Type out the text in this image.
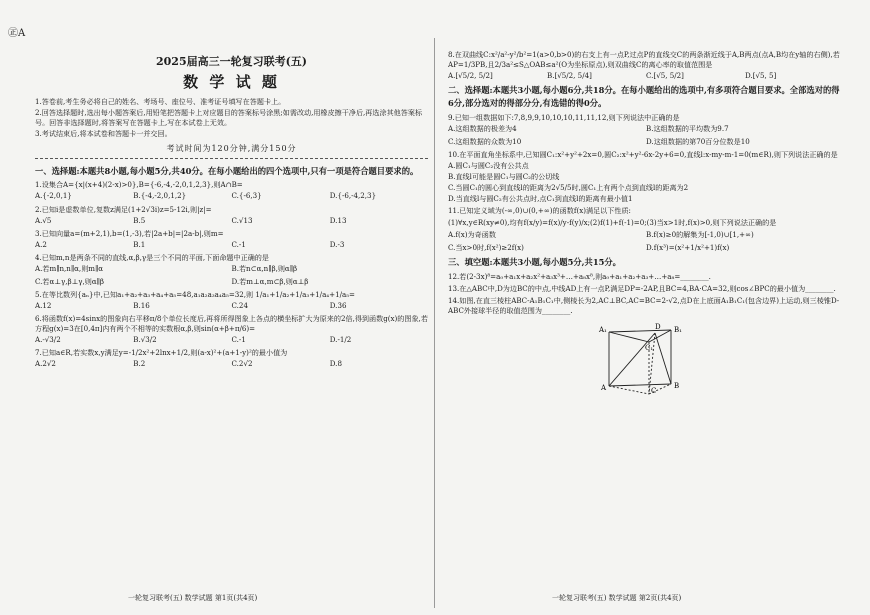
㊣A
2025届高三一轮复习联考(五)
数 学 试 题
1.答卷前,考生务必将自己的姓名、考场号、座位号、准考证号填写在答题卡上。
2.回答选择题时,选出每小题答案后,用铅笔把答题卡上对应题目的答案标号涂黑;如需改动,用橡皮擦干净后,再选涂其他答案标号。回答非选择题时,将答案写在答题卡上,写在本试卷上无效。
3.考试结束后,将本试卷和答题卡一并交回。
考试时间为120分钟,满分150分
一、选择题:本题共8小题,每小题5分,共40分。在每小题给出的四个选项中,只有一项是符合题目要求的。
1.设集合A={x|(x+4)(2-x)>0},B={-6,-4,-2,0,1,2,3},则A∩B=
A.{-2,0,1}	B.{-4,-2,0,1,2}	C.{-6,3}	D.{-6,-4,2,3}
2.已知i是虚数单位,复数z满足(1+2√3i)z=5-12i,则|z|=
A.√5	B.5	C.√13	D.13
3.已知向量a=(m+2,1),b=(1,-3),若|2a+b|=|2a-b|,则m=
A.2	B.1	C.-1	D.-3
4.已知m,n是两条不同的直线,α,β,γ是三个不同的平面,下面命题中正确的是
A.若m∥n,n∥α,则m∥α	B.若n⊂α,n∥β,则α∥β
C.若α⊥γ,β⊥γ,则α∥β	D.若m⊥α,m⊂β,则α⊥β
5.在等比数列{aₙ}中,已知a₁+a₂+a₃+a₄+a₅=48,a₁a₂a₃a₄a₅=32,则 1/a₁+1/a₂+1/a₃+1/a₄+1/a₅=
A.12	B.16	C.24	D.36
6.将函数f(x)=4sinx的图象向右平移π/8个单位长度后,再将所得图象上各点的横坐标扩大为原来的2倍,得到函数g(x)的图象,若方程g(x)=3在[0,4π]内有两个不相等的实数根α,β,则sin(α+β+π/6)=
A.-√3/2	B.√3/2	C.-1	D.-1/2
7.已知a∈R,若实数x,y满足y=-1/2x²+2lnx+1/2,则(a-x)²+(a+1-y)²的最小值为
A.2√2	B.2	C.2√2	D.8
8.在双曲线C:x²/a²-y²/b²=1(a>0,b>0)的右支上有一点P,过点P的直线交C的两条渐近线于A,B两点(点A,B均在y轴的右侧),若AP=1/3PB,且2/3a²≤S△OAB≤a²(O为坐标原点),则双曲线C的离心率的取值范围是
A.[√5/2, 5/2]	B.[√5/2, 5/4]	C.[√5, 5/2]	D.[√5, 5]
二、选择题:本题共3小题,每小题6分,共18分。在每小题给出的选项中,有多项符合题目要求。全部选对的得6分,部分选对的得部分分,有选错的得0分。
9.已知一组数据如下:7,8,9,9,10,10,10,11,11,12,则下列说法中正确的是
A.这组数据的极差为4	B.这组数据的平均数为9.7
C.这组数据的众数为10	D.这组数据的第70百分位数是10
10.在平面直角坐标系中,已知圆C₁:x²+y²+2x=0,圆C₂:x²+y²-6x-2y+6=0,直线l:x-my-m-1=0(m∈R),则下列说法正确的是
A.圆C₁与圆C₂没有公共点
B.直线l可能是圆C₁与圆C₂的公切线
C.当圆C₁的圆心到直线l的距离为2√5/5时,圆C₁上有两个点到直线l的距离为2
D.当直线l与圆C₂有公共点时,点C₁到直线l的距离有最小值1
11.已知定义域为(-∞,0)∪(0,+∞)的函数f(x)满足以下性质:
(1)∀x,y∈R(xy≠0),均有f(x/y)=f(x)/y-f(y)/x;(2)f(1)+f(-1)=0;(3)当x>1时,f(x)>0,则下列说法正确的是
A.f(x)为奇函数	B.f(x)≥0的解集为[-1,0)∪[1,+∞)
C.当x>0时,f(x²)≥2f(x)	D.f(x³)=(x²+1/x²+1)f(x)
三、填空题:本题共3小题,每小题5分,共15分。
12.若(2-3x)⁸=a₀+a₁x+a₂x²+a₃x³+…+a₈x⁸,则a₀+a₁+a₂+a₃+…+a₈=________.
13.在△ABC中,D为边BC的中点,中线AD上有一点P,满足DP=-2AP,且BC=4,BA·CA=32,则cos∠BPC的最小值为________.
14.如图,在直三棱柱ABC-A₁B₁C₁中,侧棱长为2,AC⊥BC,AC=BC=2-√2,点D在上底面A₁B₁C₁(包含边界)上运动,则三棱锥D-ABC外接球半径的取值范围为________.
A₁	B₁
C₁
D
A	B
C
一轮复习联考(五) 数学试题 第1页(共4页)	一轮复习联考(五) 数学试题 第2页(共4页)
